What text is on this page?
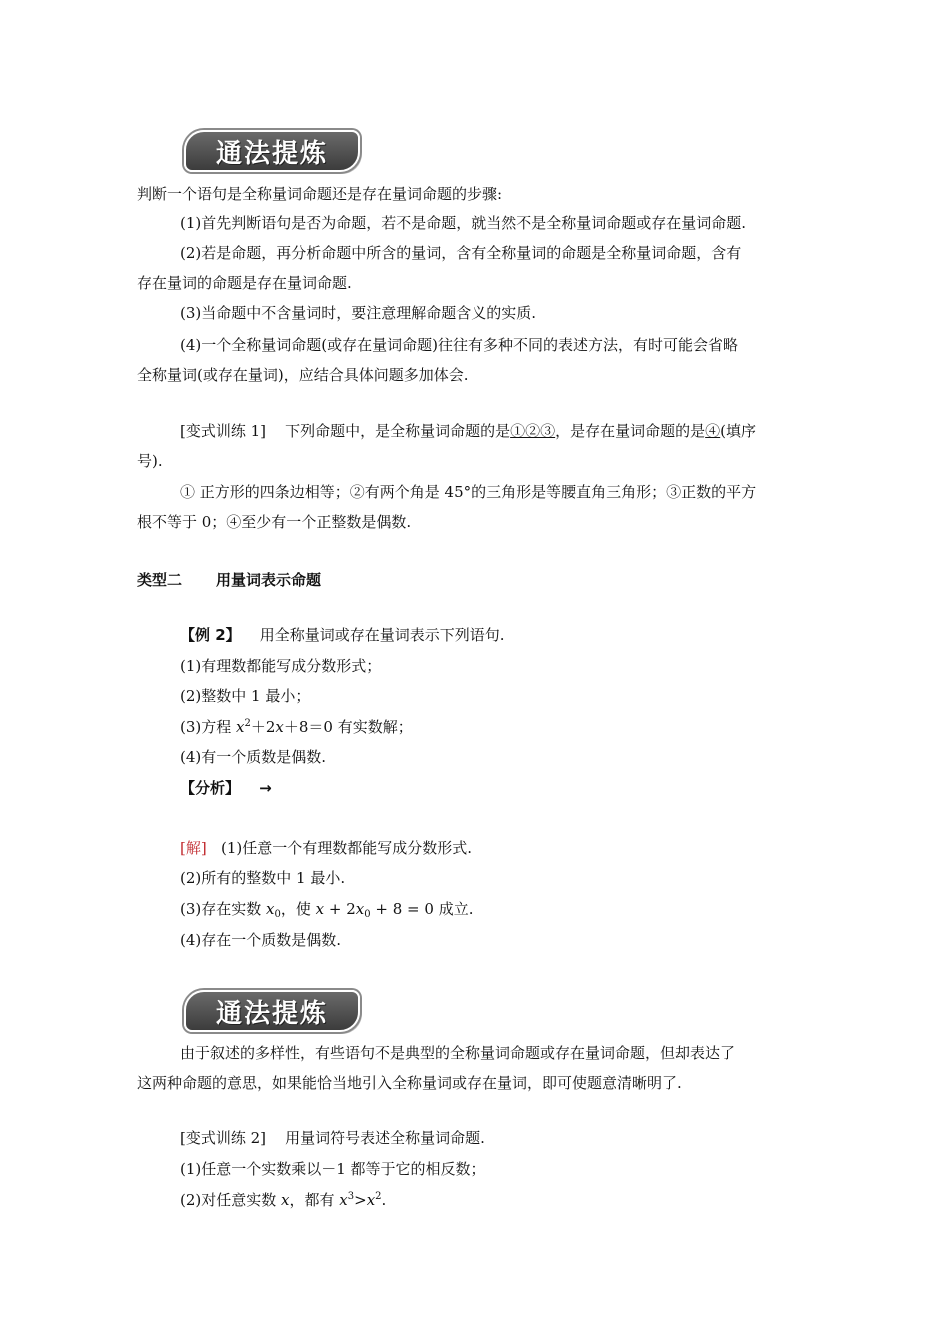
通法提炼
判断一个语句是全称量词命题还是存在量词命题的步骤:
(1)首先判断语句是否为命题，若不是命题，就当然不是全称量词命题或存在量词命题.
(2)若是命题，再分析命题中所含的量词，含有全称量词的命题是全称量词命题，含有
存在量词的命题是存在量词命题.
(3)当命题中不含量词时，要注意理解命题含义的实质.
(4)一个全称量词命题(或存在量词命题)往往有多种不同的表述方法，有时可能会省略
全称量词(或存在量词)，应结合具体问题多加体会.
[变式训练 1] 下列命题中，是全称量词命题的是①②③，是存在量词命题的是④(填序
号).
① 正方形的四条边相等；②有两个角是 45°的三角形是等腰直角三角形；③正数的平方
根不等于 0；④至少有一个正整数是偶数.
类型二 用量词表示命题
【例 2】 用全称量词或存在量词表示下列语句.
(1)有理数都能写成分数形式；
(2)整数中 1 最小；
(3)方程 $x^2+2x+8=0$ 有实数解；
(4)有一个质数是偶数.
【分析】 →
[解] (1)任意一个有理数都能写成分数形式.
(2)所有的整数中 1 最小.
(3)存在实数 $x_0$，使 $x + 2x_0 + 8 = 0$ 成立.
(4)存在一个质数是偶数.
通法提炼
由于叙述的多样性，有些语句不是典型的全称量词命题或存在量词命题，但却表达了
这两种命题的意思，如果能恰当地引入全称量词或存在量词，即可使题意清晰明了.
[变式训练 2] 用量词符号表述全称量词命题.
(1)任意一个实数乘以－1 都等于它的相反数；
(2)对任意实数 x，都有 $x^3>x^2$.
